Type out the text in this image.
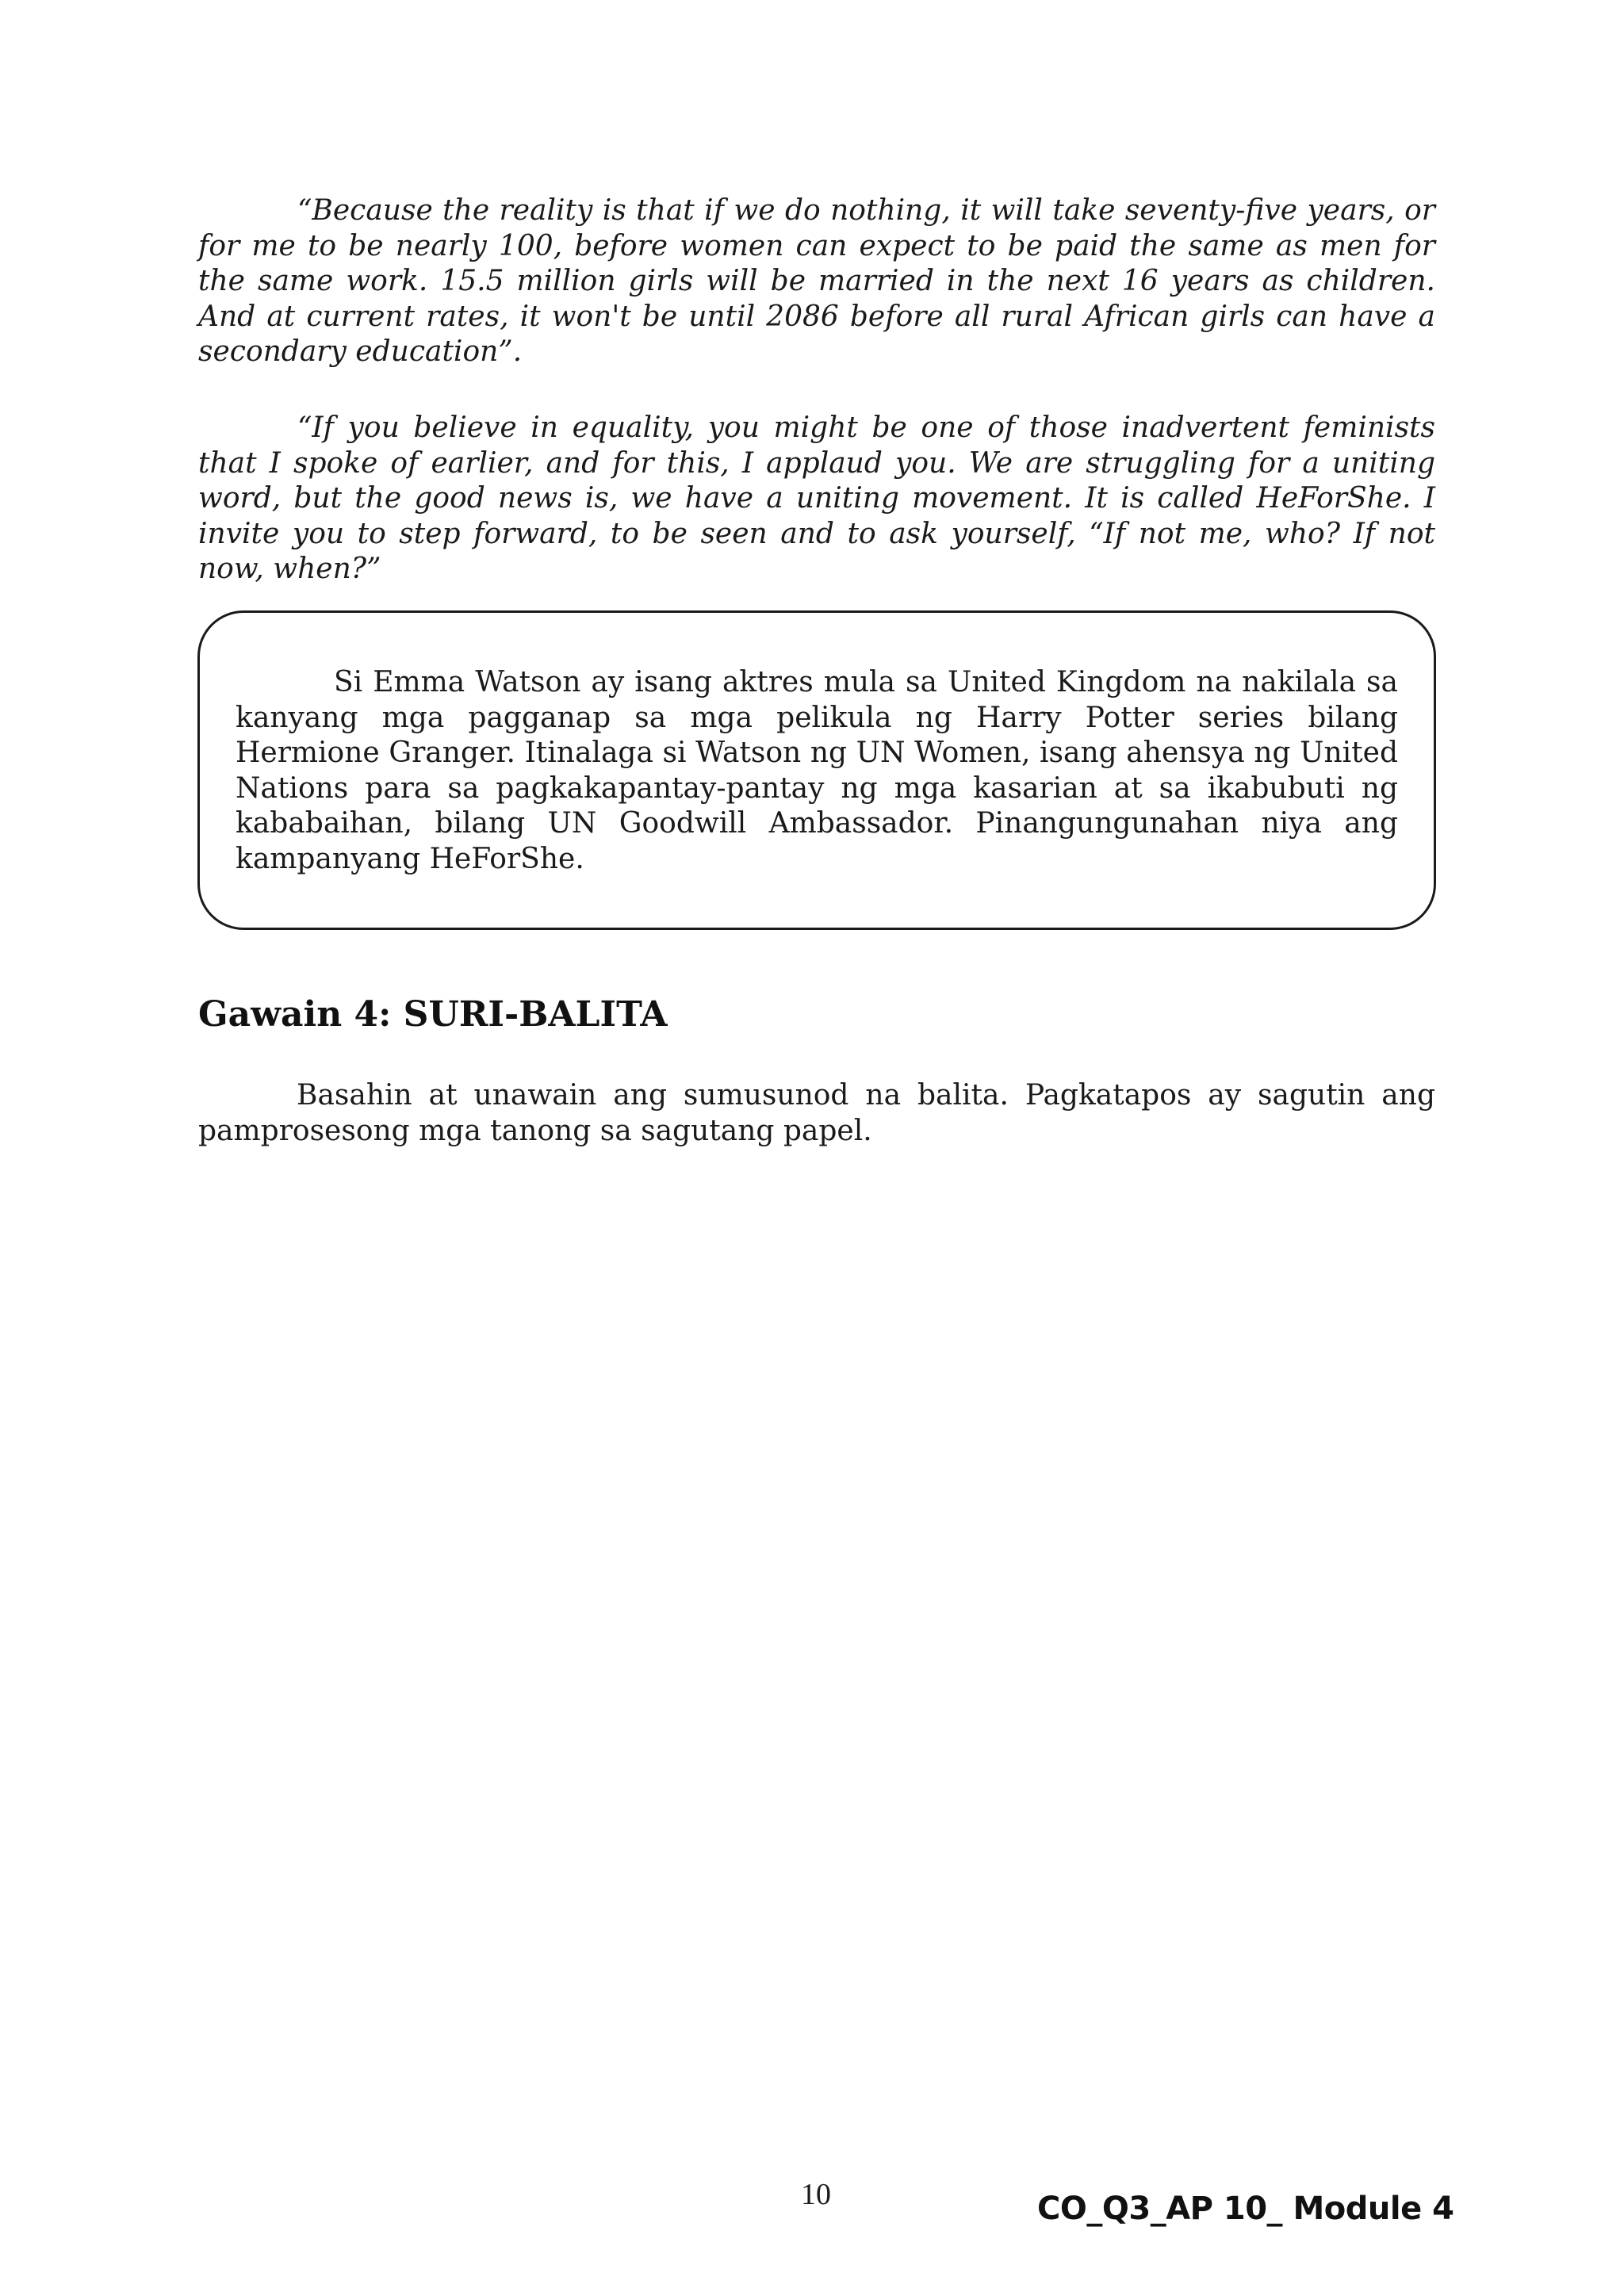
“Because the reality is that if we do nothing, it will take seventy-five years, or for me to be nearly 100, before women can expect to be paid the same as men for the same work. 15.5 million girls will be married in the next 16 years as children. And at current rates, it won't be until 2086 before all rural African girls can have a secondary education”.

“If you believe in equality, you might be one of those inadvertent feminists that I spoke of earlier, and for this, I applaud you. We are struggling for a uniting word, but the good news is, we have a uniting movement. It is called HeForShe. I invite you to step forward, to be seen and to ask yourself, “If not me, who? If not now, when?”

Si Emma Watson ay isang aktres mula sa United Kingdom na nakilala sa kanyang mga pagganap sa mga pelikula ng Harry Potter series bilang Hermione Granger. Itinalaga si Watson ng UN Women, isang ahensya ng United Nations para sa pagkakapantay-pantay ng mga kasarian at sa ikabubuti ng kababaihan, bilang UN Goodwill Ambassador. Pinangungunahan niya ang kampanyang HeForShe.

Gawain 4: SURI-BALITA

Basahin at unawain ang sumusunod na balita. Pagkatapos ay sagutin ang pamprosesong mga tanong sa sagutang papel.

10	CO_Q3_AP 10_ Module 4
